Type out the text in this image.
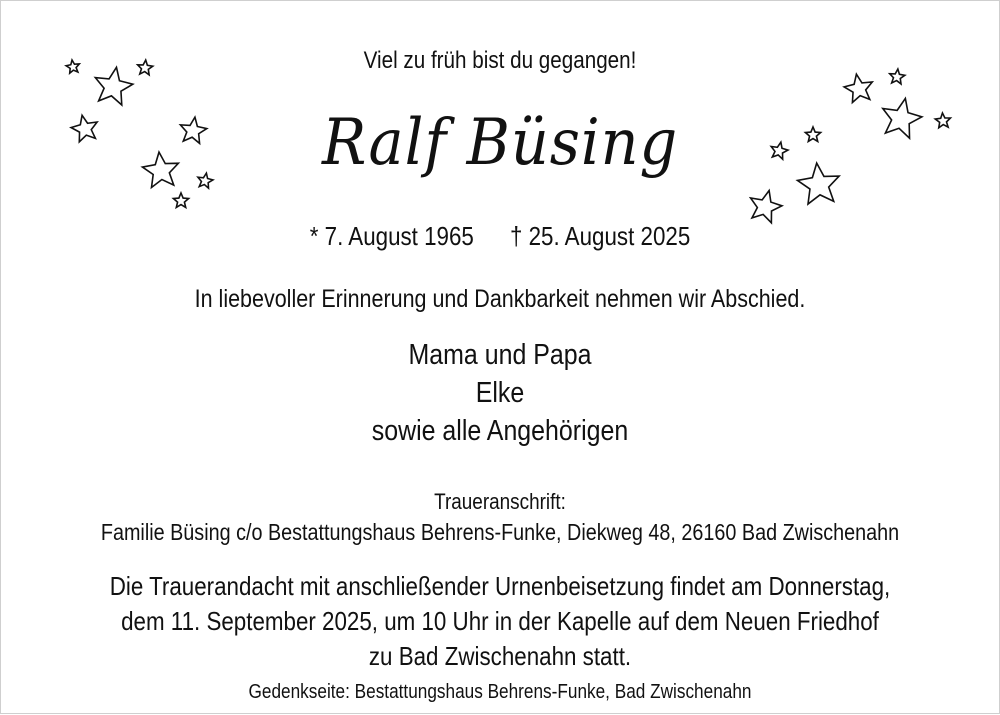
Viel zu früh bist du gegangen!
Ralf Büsing
* 7. August 1965 † 25. August 2025
In liebevoller Erinnerung und Dankbarkeit nehmen wir Abschied.
Mama und Papa
Elke
sowie alle Angehörigen
Traueranschrift:
Familie Büsing c/o Bestattungshaus Behrens-Funke, Diekweg 48, 26160 Bad Zwischenahn
Die Trauerandacht mit anschließender Urnenbeisetzung findet am Donnerstag,
dem 11. September 2025, um 10 Uhr in der Kapelle auf dem Neuen Friedhof
zu Bad Zwischenahn statt.
Gedenkseite: Bestattungshaus Behrens-Funke, Bad Zwischenahn
